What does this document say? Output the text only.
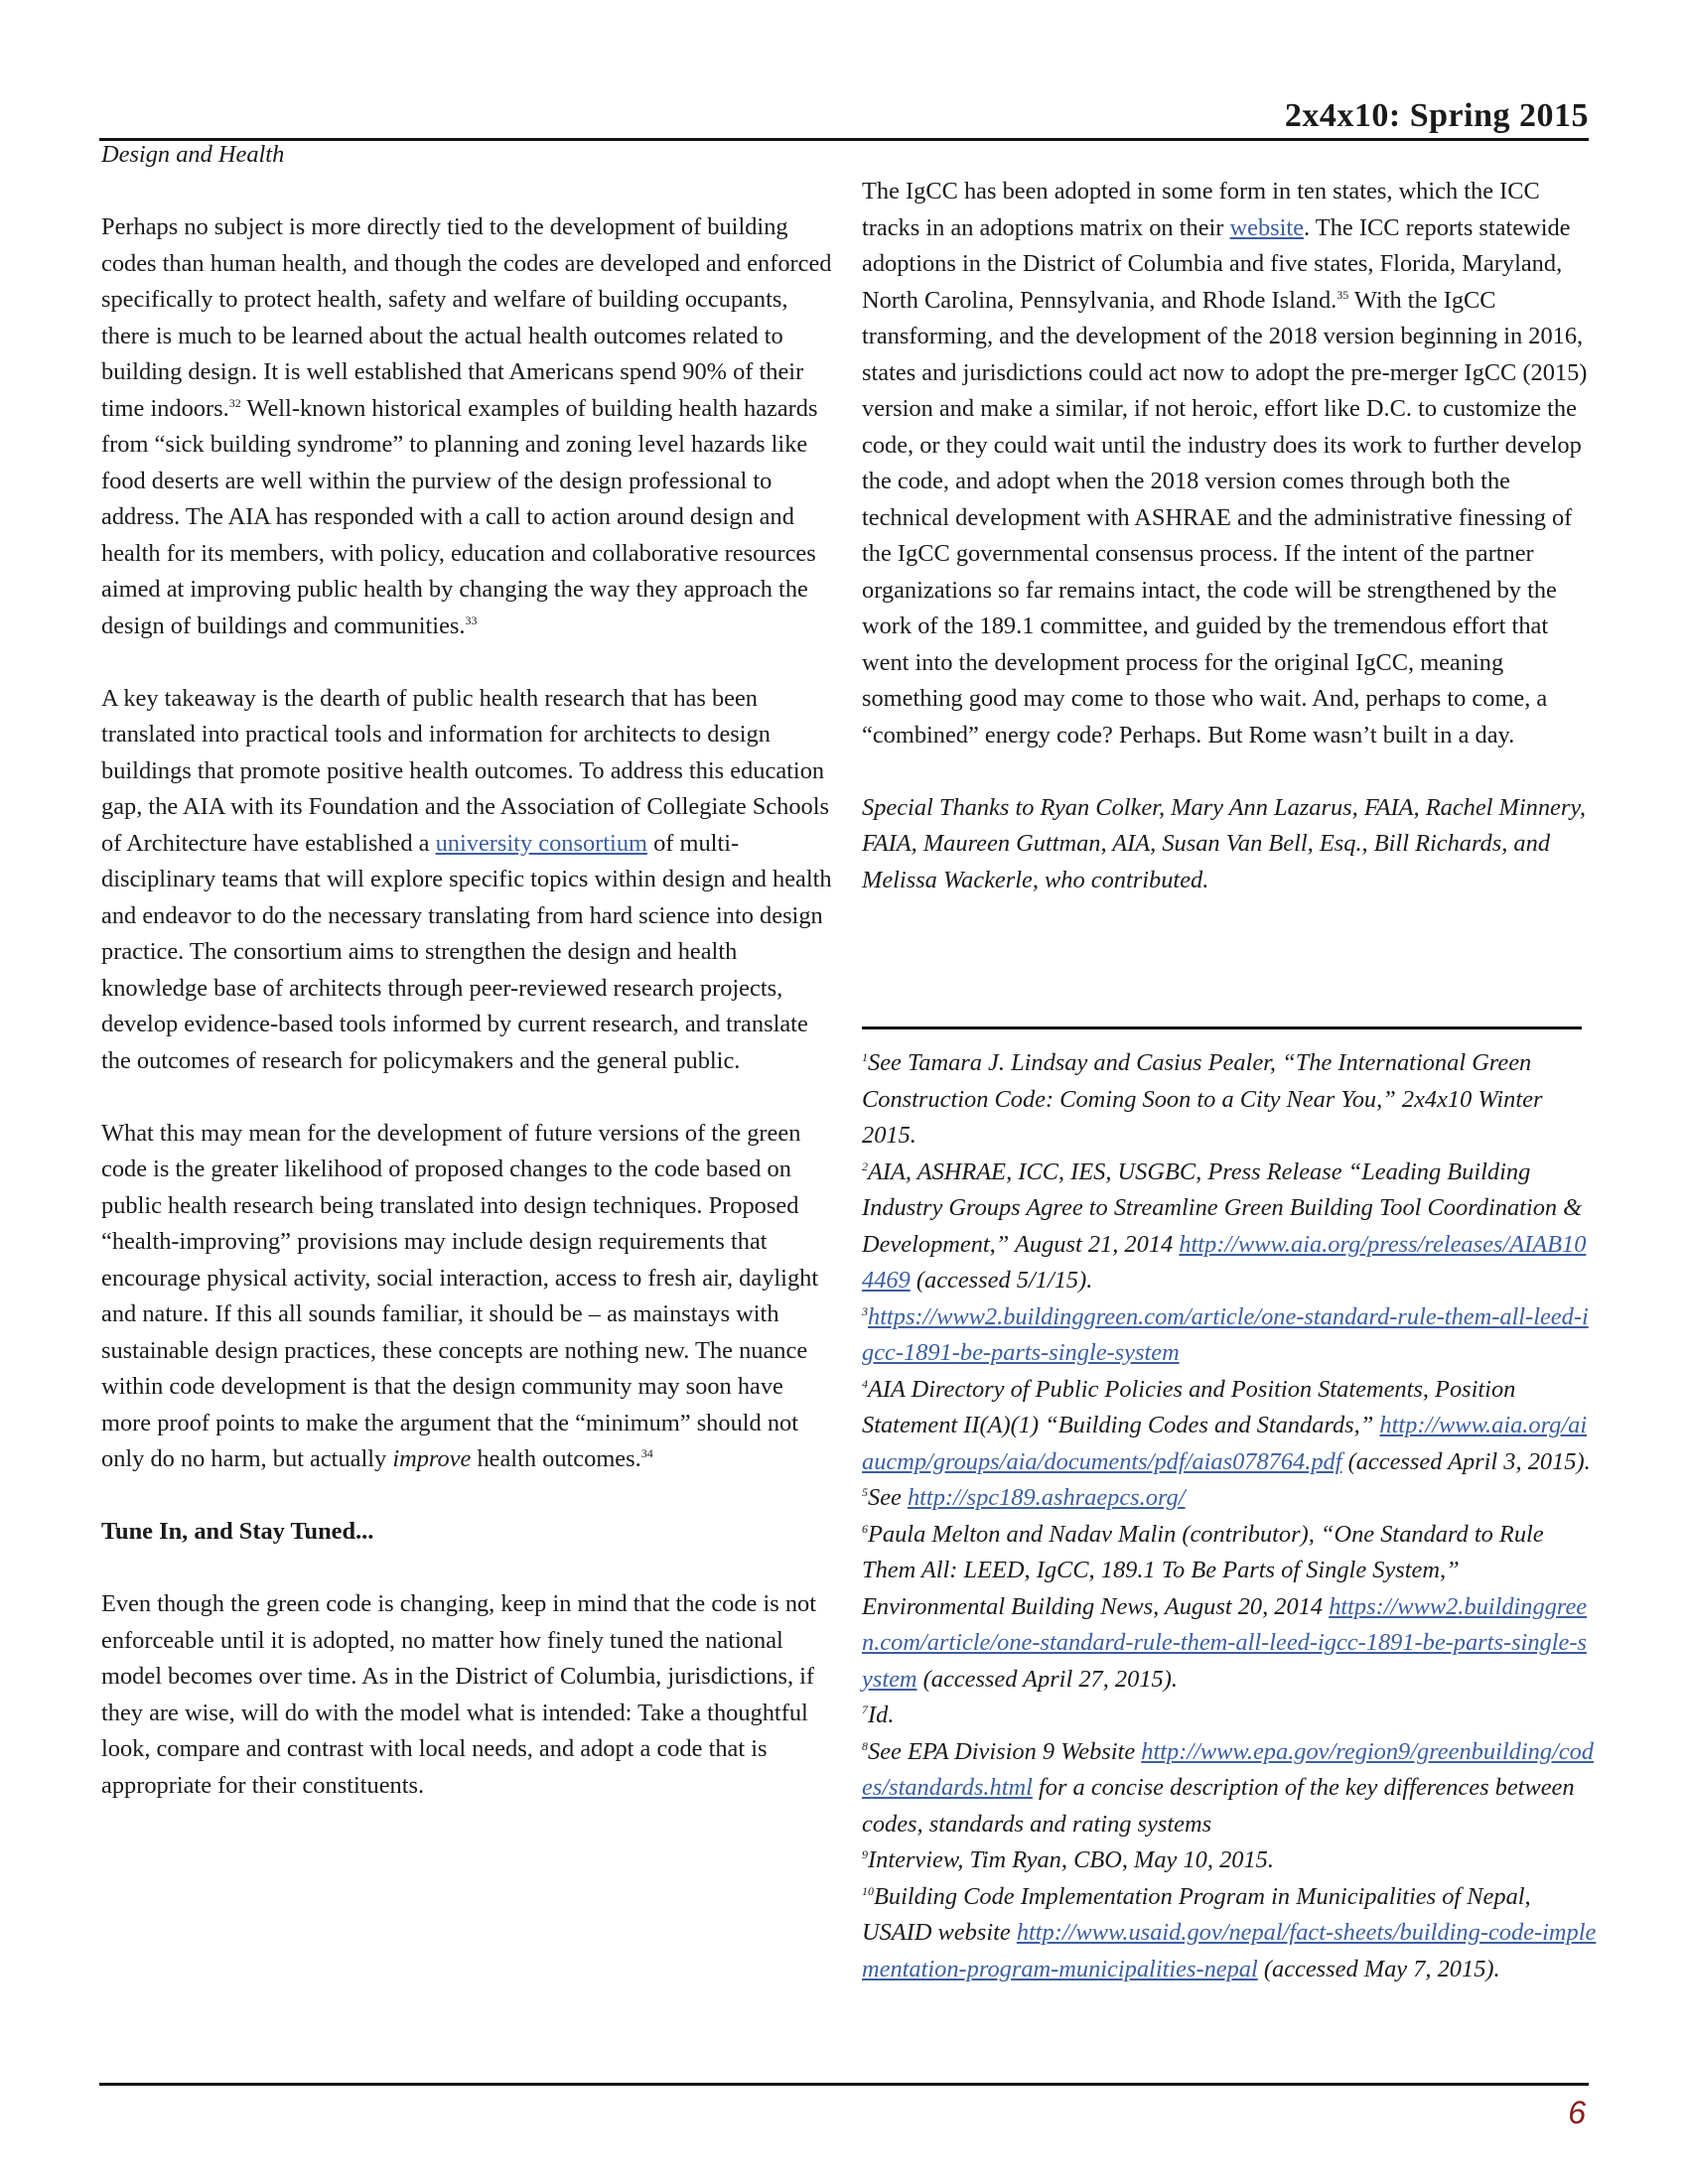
2x4x10: Spring 2015

Design and Health

Perhaps no subject is more directly tied to the development of building codes than human health, and though the codes are developed and enforced specifically to protect health, safety and welfare of building occupants, there is much to be learned about the actual health outcomes related to building design. It is well established that Americans spend 90% of their time indoors.$^{32}$ Well-known historical examples of building health hazards from “sick building syndrome” to planning and zoning level hazards like food deserts are well within the purview of the design professional to address. The AIA has responded with a call to action around design and health for its members, with policy, education and collaborative resources aimed at improving public health by changing the way they approach the design of buildings and communities.$^{33}$

A key takeaway is the dearth of public health research that has been translated into practical tools and information for architects to design buildings that promote positive health outcomes. To address this education gap, the AIA with its Foundation and the Association of Collegiate Schools of Architecture have established a university consortium of multi-disciplinary teams that will explore specific topics within design and health and endeavor to do the necessary translating from hard science into design practice. The consortium aims to strengthen the design and health knowledge base of architects through peer-reviewed research projects, develop evidence-based tools informed by current research, and translate the outcomes of research for policymakers and the general public.

What this may mean for the development of future versions of the green code is the greater likelihood of proposed changes to the code based on public health research being translated into design techniques. Proposed “health-improving” provisions may include design requirements that encourage physical activity, social interaction, access to fresh air, daylight and nature. If this all sounds familiar, it should be – as mainstays with sustainable design practices, these concepts are nothing new. The nuance within code development is that the design community may soon have more proof points to make the argument that the “minimum” should not only do no harm, but actually improve health outcomes.$^{34}$

Tune In, and Stay Tuned...

Even though the green code is changing, keep in mind that the code is not enforceable until it is adopted, no matter how finely tuned the national model becomes over time. As in the District of Columbia, jurisdictions, if they are wise, will do with the model what is intended: Take a thoughtful look, compare and contrast with local needs, and adopt a code that is appropriate for their constituents.

The IgCC has been adopted in some form in ten states, which the ICC tracks in an adoptions matrix on their website. The ICC reports statewide adoptions in the District of Columbia and five states, Florida, Maryland, North Carolina, Pennsylvania, and Rhode Island.$^{35}$ With the IgCC transforming, and the development of the 2018 version beginning in 2016, states and jurisdictions could act now to adopt the pre-merger IgCC (2015) version and make a similar, if not heroic, effort like D.C. to customize the code, or they could wait until the industry does its work to further develop the code, and adopt when the 2018 version comes through both the technical development with ASHRAE and the administrative finessing of the IgCC governmental consensus process. If the intent of the partner organizations so far remains intact, the code will be strengthened by the work of the 189.1 committee, and guided by the tremendous effort that went into the development process for the original IgCC, meaning something good may come to those who wait. And, perhaps to come, a “combined” energy code? Perhaps. But Rome wasn’t built in a day.

Special Thanks to Ryan Colker, Mary Ann Lazarus, FAIA, Rachel Minnery, FAIA, Maureen Guttman, AIA, Susan Van Bell, Esq., Bill Richards, and Melissa Wackerle, who contributed.

$^1$See Tamara J. Lindsay and Casius Pealer, “The International Green Construction Code: Coming Soon to a City Near You,” 2x4x10 Winter 2015.

$^2$AIA, ASHRAE, ICC, IES, USGBC, Press Release “Leading Building Industry Groups Agree to Streamline Green Building Tool Coordination & Development,” August 21, 2014 http://www.aia.org/press/releases/AIAB104469 (accessed 5/1/15).

$^3$https://www2.buildinggreen.com/article/one-standard-rule-them-all-leed-igcc-1891-be-parts-single-system

$^4$AIA Directory of Public Policies and Position Statements, Position Statement II(A)(1) “Building Codes and Standards,” http://www.aia.org/aiaucmp/groups/aia/documents/pdf/aias078764.pdf (accessed April 3, 2015).

$^5$See http://spc189.ashraepcs.org/

$^6$Paula Melton and Nadav Malin (contributor), “One Standard to Rule Them All: LEED, IgCC, 189.1 To Be Parts of Single System,” Environmental Building News, August 20, 2014 https://www2.buildinggreen.com/article/one-standard-rule-them-all-leed-igcc-1891-be-parts-single-system (accessed April 27, 2015).

$^7$Id.

$^8$See EPA Division 9 Website http://www.epa.gov/region9/greenbuilding/codes/standards.html for a concise description of the key differences between codes, standards and rating systems

$^9$Interview, Tim Ryan, CBO, May 10, 2015.

$^{10}$Building Code Implementation Program in Municipalities of Nepal, USAID website http://www.usaid.gov/nepal/fact-sheets/building-code-implementation-program-municipalities-nepal (accessed May 7, 2015).

6
